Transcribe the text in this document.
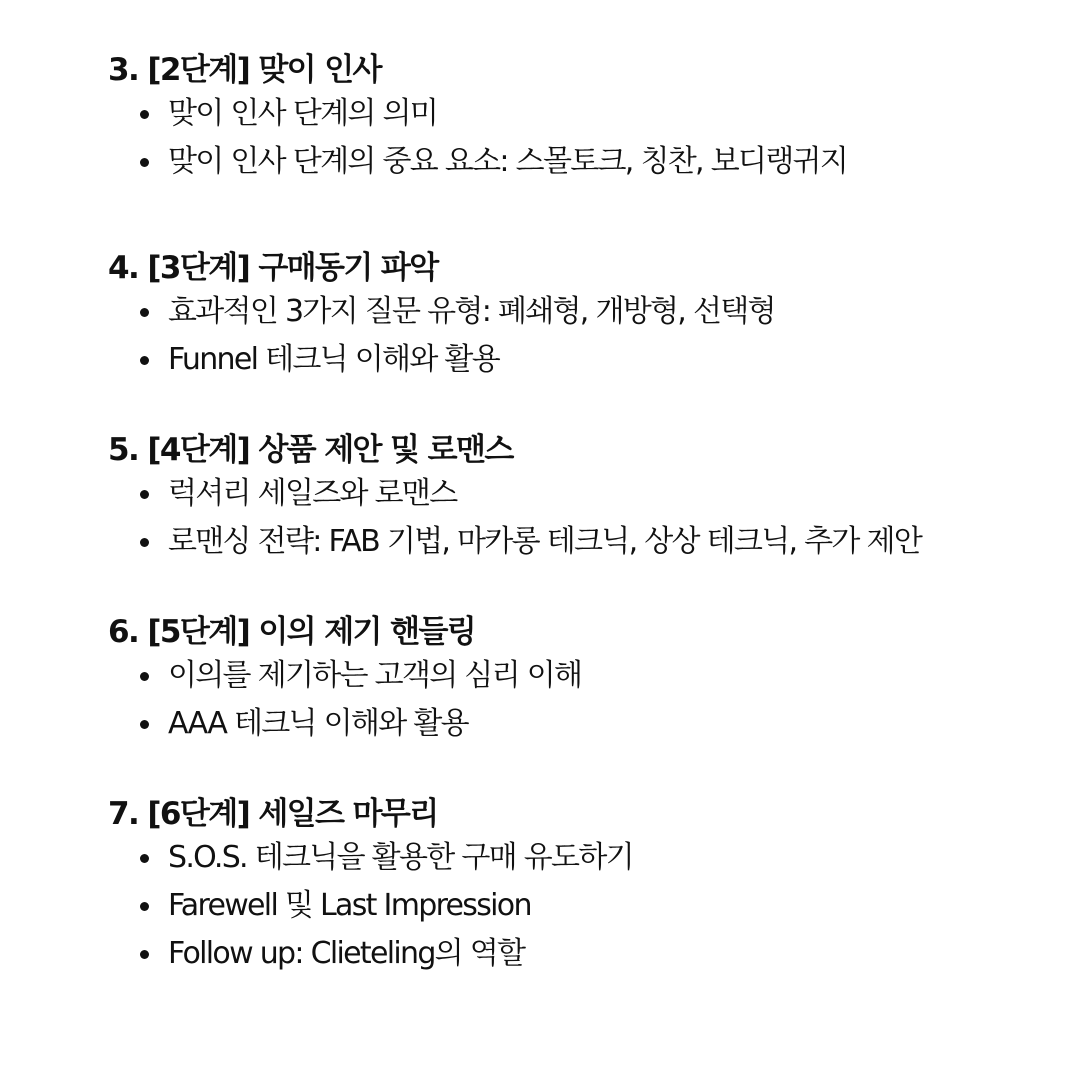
3. [2단계] 맞이 인사
맞이 인사 단계의 의미
맞이 인사 단계의 중요 요소: 스몰토크, 칭찬, 보디랭귀지
4. [3단계] 구매동기 파악
효과적인 3가지 질문 유형: 폐쇄형, 개방형, 선택형
Funnel 테크닉 이해와 활용
5. [4단계] 상품 제안 및 로맨스
럭셔리 세일즈와 로맨스
로맨싱 전략: FAB 기법, 마카롱 테크닉, 상상 테크닉, 추가 제안
6. [5단계] 이의 제기 핸들링
이의를 제기하는 고객의 심리 이해
AAA 테크닉 이해와 활용
7. [6단계] 세일즈 마무리
S.O.S. 테크닉을 활용한 구매 유도하기
Farewell 및 Last Impression
Follow up: Clieteling의 역할
